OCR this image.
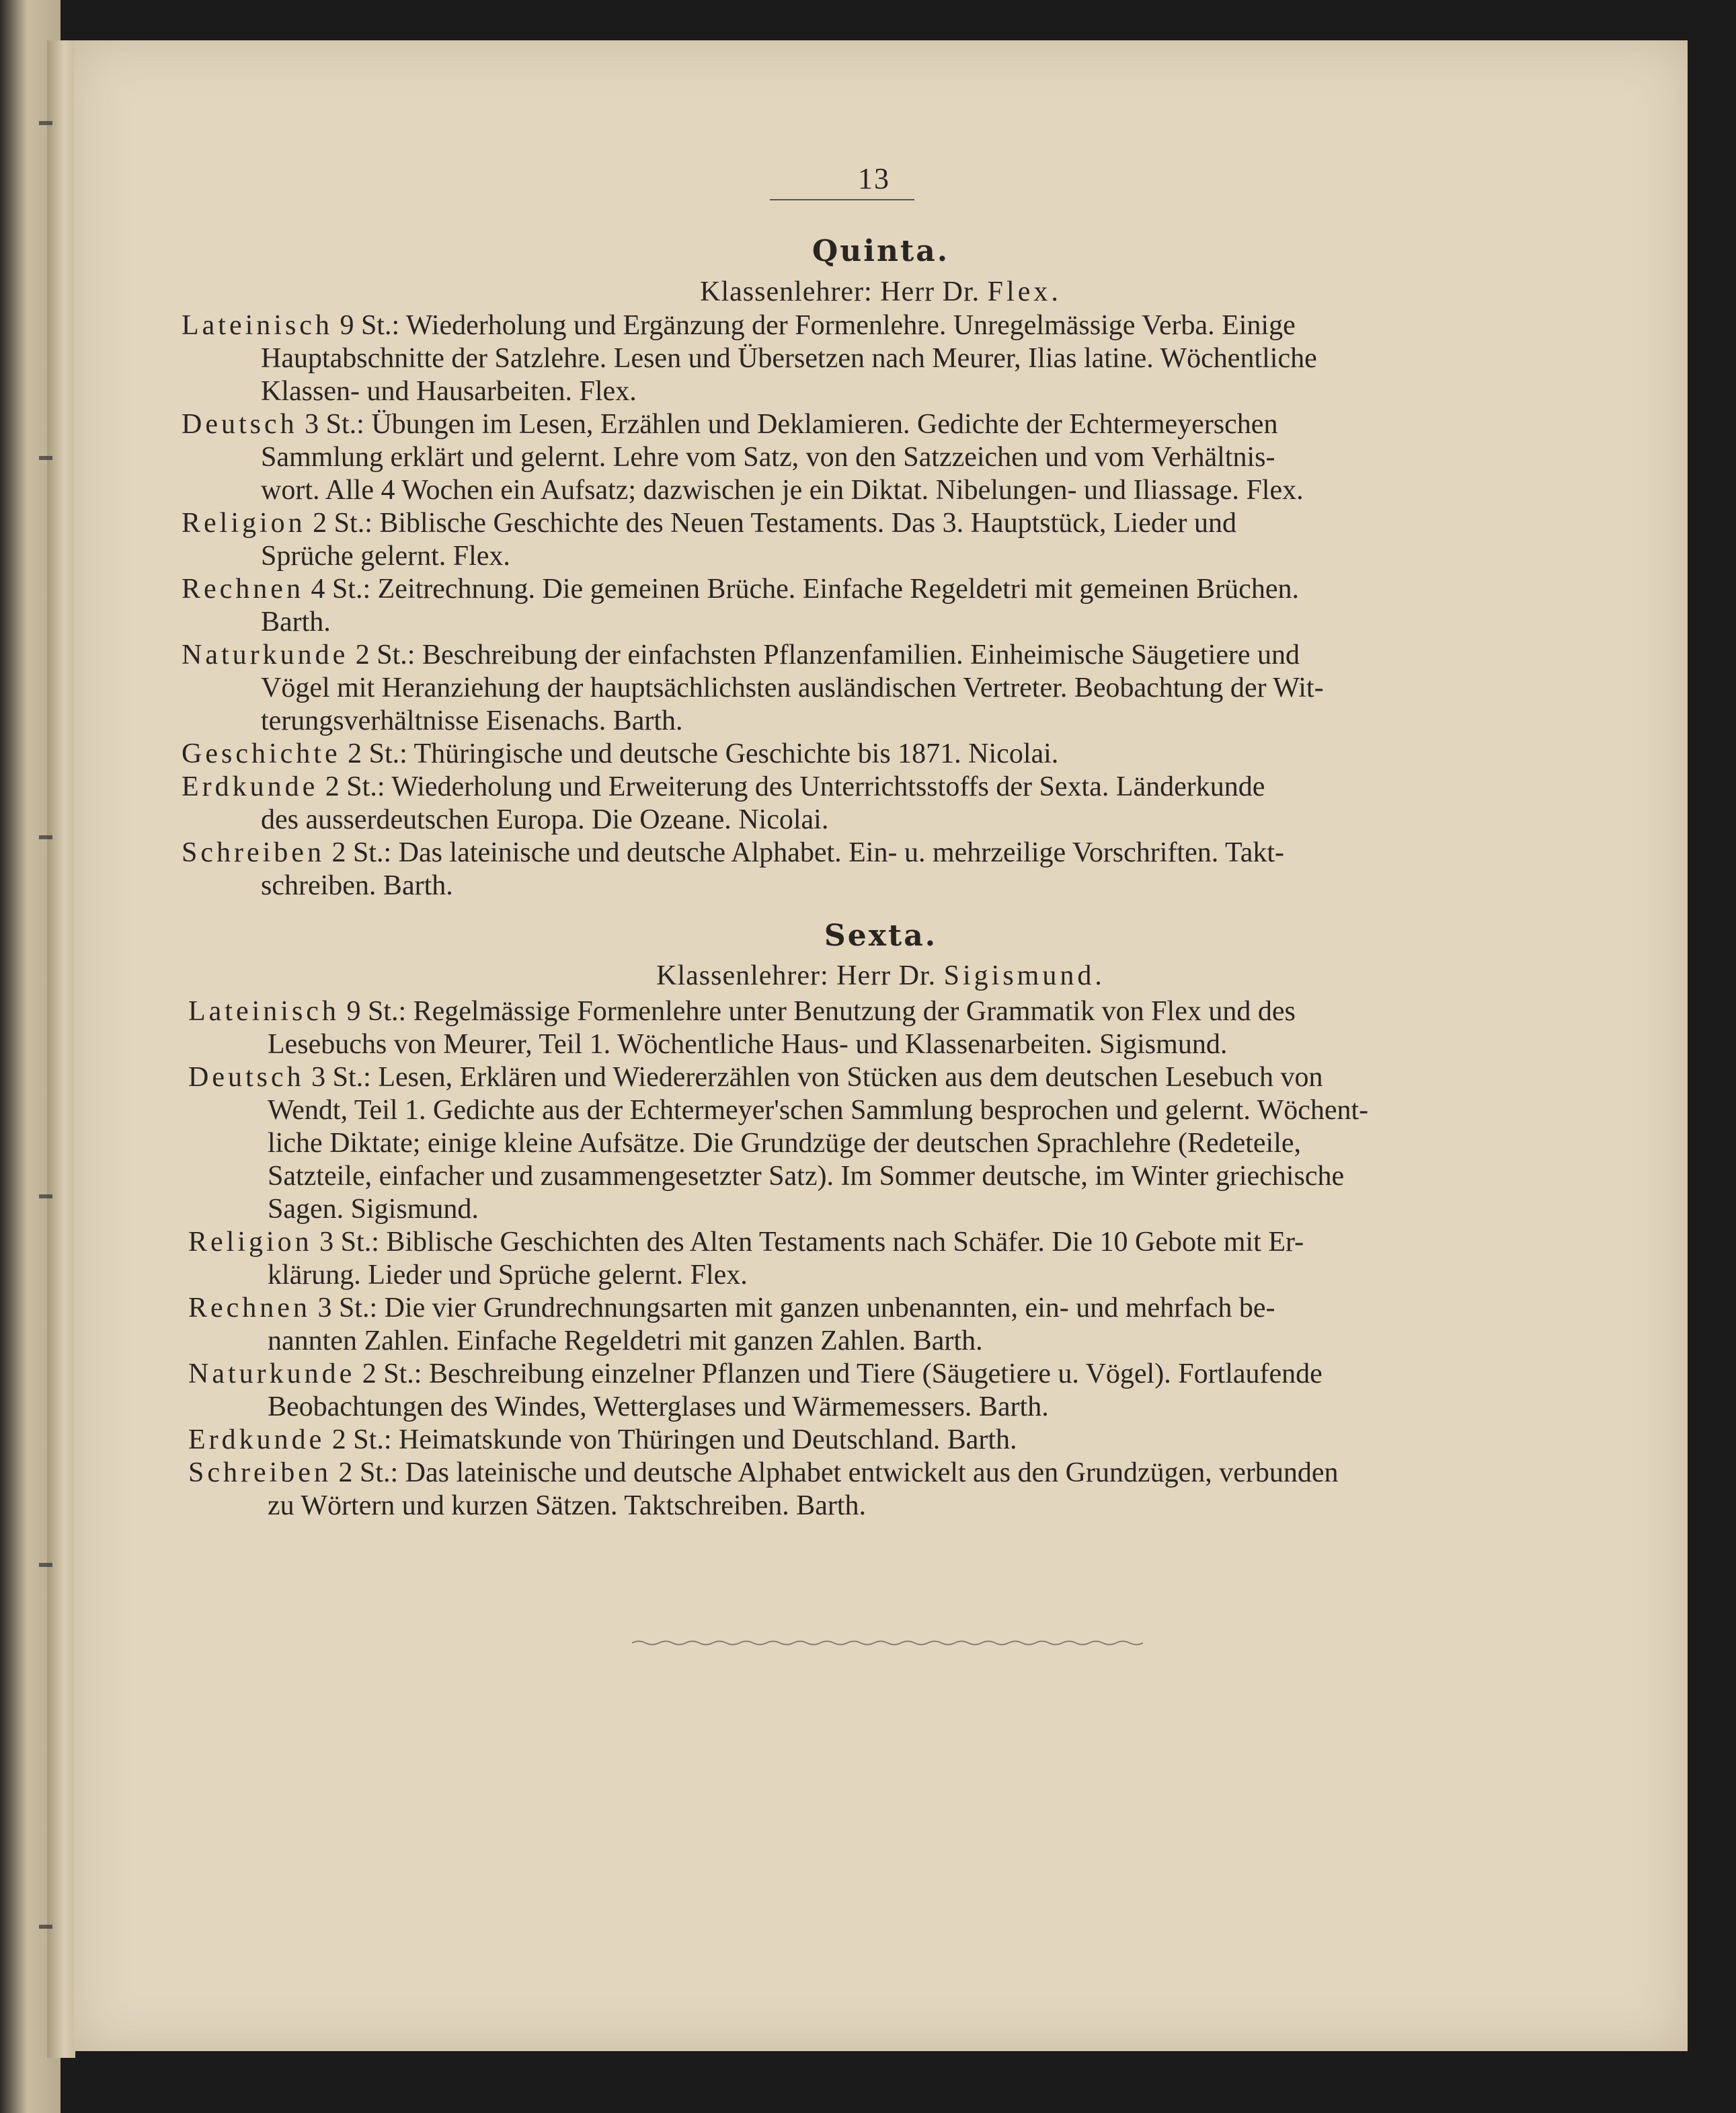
13
Quinta.
Klassenlehrer: Herr Dr. Flex.
Lateinisch 9 St.: Wiederholung und Ergänzung der Formenlehre. Unregelmässige Verba. Einige
Hauptabschnitte der Satzlehre. Lesen und Übersetzen nach Meurer, Ilias latine. Wöchentliche
Klassen- und Hausarbeiten. Flex.
Deutsch 3 St.: Übungen im Lesen, Erzählen und Deklamieren. Gedichte der Echtermeyerschen
Sammlung erklärt und gelernt. Lehre vom Satz, von den Satzzeichen und vom Verhältnis-
wort. Alle 4 Wochen ein Aufsatz; dazwischen je ein Diktat. Nibelungen- und Iliassage. Flex.
Religion 2 St.: Biblische Geschichte des Neuen Testaments. Das 3. Hauptstück, Lieder und
Sprüche gelernt. Flex.
Rechnen 4 St.: Zeitrechnung. Die gemeinen Brüche. Einfache Regeldetri mit gemeinen Brüchen.
Barth.
Naturkunde 2 St.: Beschreibung der einfachsten Pflanzenfamilien. Einheimische Säugetiere und
Vögel mit Heranziehung der hauptsächlichsten ausländischen Vertreter. Beobachtung der Wit-
terungsverhältnisse Eisenachs. Barth.
Geschichte 2 St.: Thüringische und deutsche Geschichte bis 1871. Nicolai.
Erdkunde 2 St.: Wiederholung und Erweiterung des Unterrichtsstoffs der Sexta. Länderkunde
des ausserdeutschen Europa. Die Ozeane. Nicolai.
Schreiben 2 St.: Das lateinische und deutsche Alphabet. Ein- u. mehrzeilige Vorschriften. Takt-
schreiben. Barth.
Sexta.
Klassenlehrer: Herr Dr. Sigismund.
Lateinisch 9 St.: Regelmässige Formenlehre unter Benutzung der Grammatik von Flex und des
Lesebuchs von Meurer, Teil 1. Wöchentliche Haus- und Klassenarbeiten. Sigismund.
Deutsch 3 St.: Lesen, Erklären und Wiedererzählen von Stücken aus dem deutschen Lesebuch von
Wendt, Teil 1. Gedichte aus der Echtermeyer'schen Sammlung besprochen und gelernt. Wöchent-
liche Diktate; einige kleine Aufsätze. Die Grundzüge der deutschen Sprachlehre (Redeteile,
Satzteile, einfacher und zusammengesetzter Satz). Im Sommer deutsche, im Winter griechische
Sagen. Sigismund.
Religion 3 St.: Biblische Geschichten des Alten Testaments nach Schäfer. Die 10 Gebote mit Er-
klärung. Lieder und Sprüche gelernt. Flex.
Rechnen 3 St.: Die vier Grundrechnungsarten mit ganzen unbenannten, ein- und mehrfach be-
nannten Zahlen. Einfache Regeldetri mit ganzen Zahlen. Barth.
Naturkunde 2 St.: Beschreibung einzelner Pflanzen und Tiere (Säugetiere u. Vögel). Fortlaufende
Beobachtungen des Windes, Wetterglases und Wärmemessers. Barth.
Erdkunde 2 St.: Heimatskunde von Thüringen und Deutschland. Barth.
Schreiben 2 St.: Das lateinische und deutsche Alphabet entwickelt aus den Grundzügen, verbunden
zu Wörtern und kurzen Sätzen. Taktschreiben. Barth.
